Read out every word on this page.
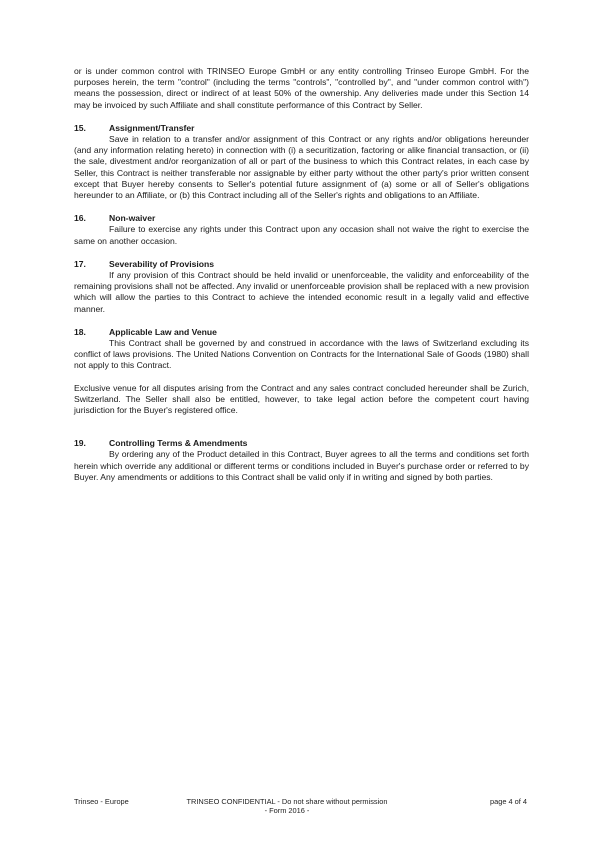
or is under common control with TRINSEO Europe GmbH or any entity controlling Trinseo Europe GmbH. For the purposes herein, the term "control" (including the terms "controls", "controlled by", and "under common control with") means the possession, direct or indirect of at least 50% of the ownership. Any deliveries made under this Section 14 may be invoiced by such Affiliate and shall constitute performance of this Contract by Seller.

15.	Assignment/Transfer

Save in relation to a transfer and/or assignment of this Contract or any rights and/or obligations hereunder (and any information relating hereto) in connection with (i) a securitization, factoring or alike financial transaction, or (ii) the sale, divestment and/or reorganization of all or part of the business to which this Contract relates, in each case by Seller, this Contract is neither transferable nor assignable by either party without the other party's prior written consent except that Buyer hereby consents to Seller's potential future assignment of (a) some or all of Seller's obligations hereunder to an Affiliate, or (b) this Contract including all of the Seller's rights and obligations to an Affiliate.

16.	Non-waiver

Failure to exercise any rights under this Contract upon any occasion shall not waive the right to exercise the same on another occasion.

17.	Severability of Provisions

If any provision of this Contract should be held invalid or unenforceable, the validity and enforceability of the remaining provisions shall not be affected. Any invalid or unenforceable provision shall be replaced with a new provision which will allow the parties to this Contract to achieve the intended economic result in a legally valid and effective manner.

18.	Applicable Law and Venue

This Contract shall be governed by and construed in accordance with the laws of Switzerland excluding its conflict of laws provisions. The United Nations Convention on Contracts for the International Sale of Goods (1980) shall not apply to this Contract.

Exclusive venue for all disputes arising from the Contract and any sales contract concluded hereunder shall be Zurich, Switzerland. The Seller shall also be entitled, however, to take legal action before the competent court having jurisdiction for the Buyer's registered office.

19.	Controlling Terms & Amendments

By ordering any of the Product detailed in this Contract, Buyer agrees to all the terms and conditions set forth herein which override any additional or different terms or conditions included in Buyer's purchase order or referred to by Buyer. Any amendments or additions to this Contract shall be valid only if in writing and signed by both parties.

Trinseo - Europe	TRINSEO CONFIDENTIAL - Do not share without permission
- Form 2016 -
page 4 of 4
